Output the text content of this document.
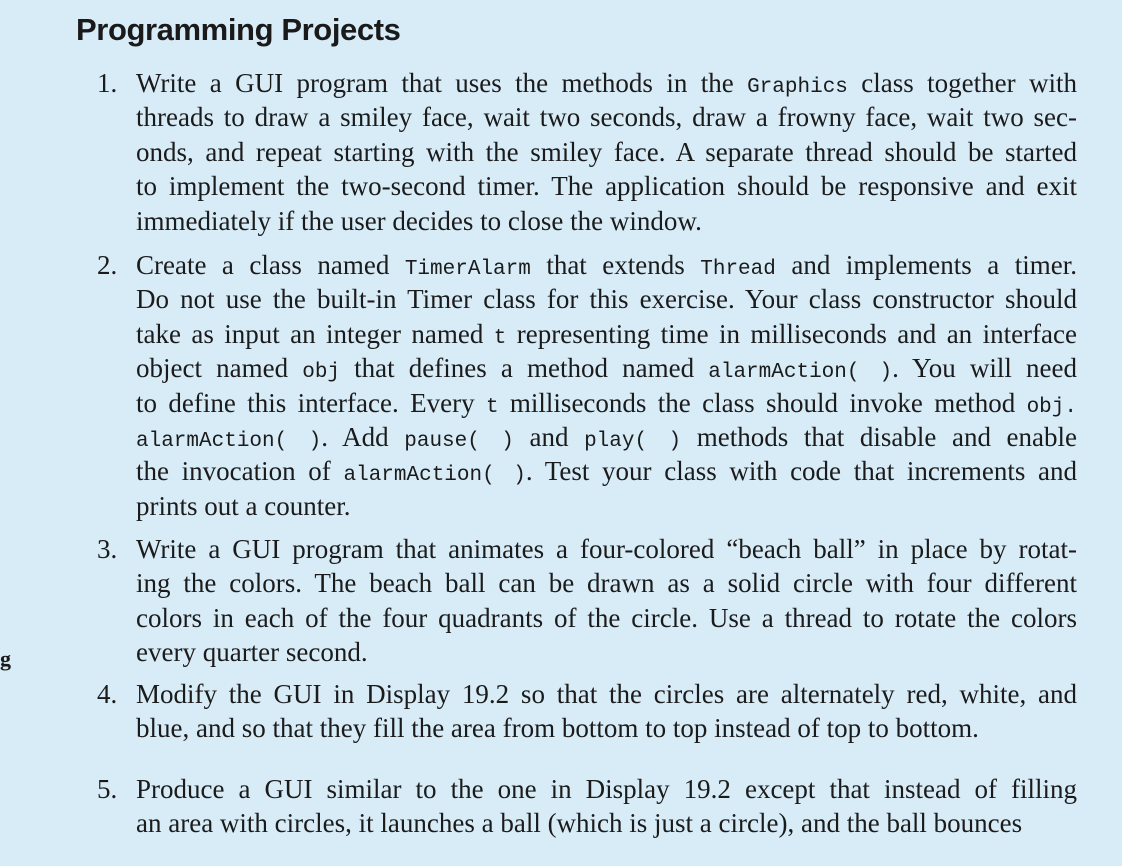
Programming Projects
g
1. Write a GUI program that uses the methods in the Graphics class together with
threads to draw a smiley face, wait two seconds, draw a frowny face, wait two sec-
onds, and repeat starting with the smiley face. A separate thread should be started
to implement the two-second timer. The application should be responsive and exit
immediately if the user decides to close the window.
2. Create a class named TimerAlarm that extends Thread and implements a timer.
Do not use the built-in Timer class for this exercise. Your class constructor should
take as input an integer named t representing time in milliseconds and an interface
object named obj that defines a method named alarmAction( ). You will need
to define this interface. Every t milliseconds the class should invoke method obj.
alarmAction( ). Add pause( ) and play( ) methods that disable and enable
the invocation of alarmAction( ). Test your class with code that increments and
prints out a counter.
3. Write a GUI program that animates a four-colored “beach ball” in place by rotat-
ing the colors. The beach ball can be drawn as a solid circle with four different
colors in each of the four quadrants of the circle. Use a thread to rotate the colors
every quarter second.
4. Modify the GUI in Display 19.2 so that the circles are alternately red, white, and
blue, and so that they fill the area from bottom to top instead of top to bottom.
5. Produce a GUI similar to the one in Display 19.2 except that instead of filling
an area with circles, it launches a ball (which is just a circle), and the ball bounces
